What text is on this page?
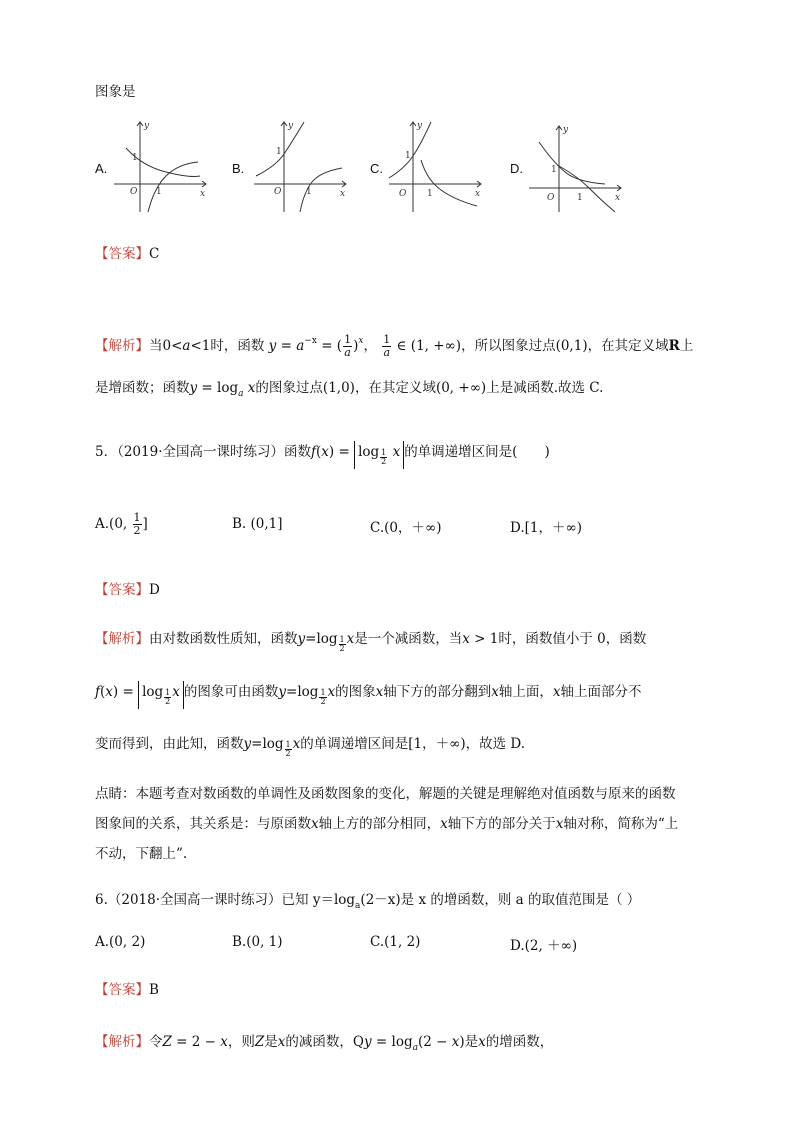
图象是
A.
y
x
O
1
1
B.
y
x
O
1
1
C.
y
x
O
1
1
D.
y
x
O
1
1
【答案】C
【解析】当0<a<1时，函数 $y = a^{-x}$ = ( $\frac{1}{a} )^x$， $\frac{1}{a}$ ∈ (1, +∞)，所以图象过点(0,1)，在其定义域R上
是增函数；函数$y = \log_a x$的图象过点(1,0)，在其定义域(0, +∞)上是减函数.故选 C.
5．（2019·全国高一课时练习）函数f(x) = log $_{\frac{1}{2}}$ x 的单调递增区间是(　　)
A.(0, $\frac{1}{2}$ ]	B. (0,1]	C.(0，＋∞)	D.[1，＋∞)
【答案】D
【解析】由对数函数性质知，函数y=log $_{\frac{1}{2}}$ x是一个减函数，当x > 1时，函数值小于 0，函数
f(x) = log $_{\frac{1}{2}}$ x 的图象可由函数y=log $_{\frac{1}{2}}$ x的图象x轴下方的部分翻到x轴上面，x轴上面部分不
变而得到，由此知，函数y=log $_{\frac{1}{2}}$ x的单调递增区间是[1，＋∞)，故选 D.
点睛：本题考查对数函数的单调性及函数图象的变化，解题的关键是理解绝对值函数与原来的函数
图象间的关系，其关系是：与原函数x轴上方的部分相同，x轴下方的部分关于x轴对称，简称为“上
不动，下翻上”.
6.（2018·全国高一课时练习）已知 $y=\log_a(2-x)$是 x 的增函数，则 a 的取值范围是（ ）
A.(0, 2)	B.(0, 1)	C.(1, 2)	D.(2, ＋∞)
【答案】B
【解析】令Z = 2 − x，则Z是x的减函数，$Qy = \log_a(2 - x)$是x的增函数，
